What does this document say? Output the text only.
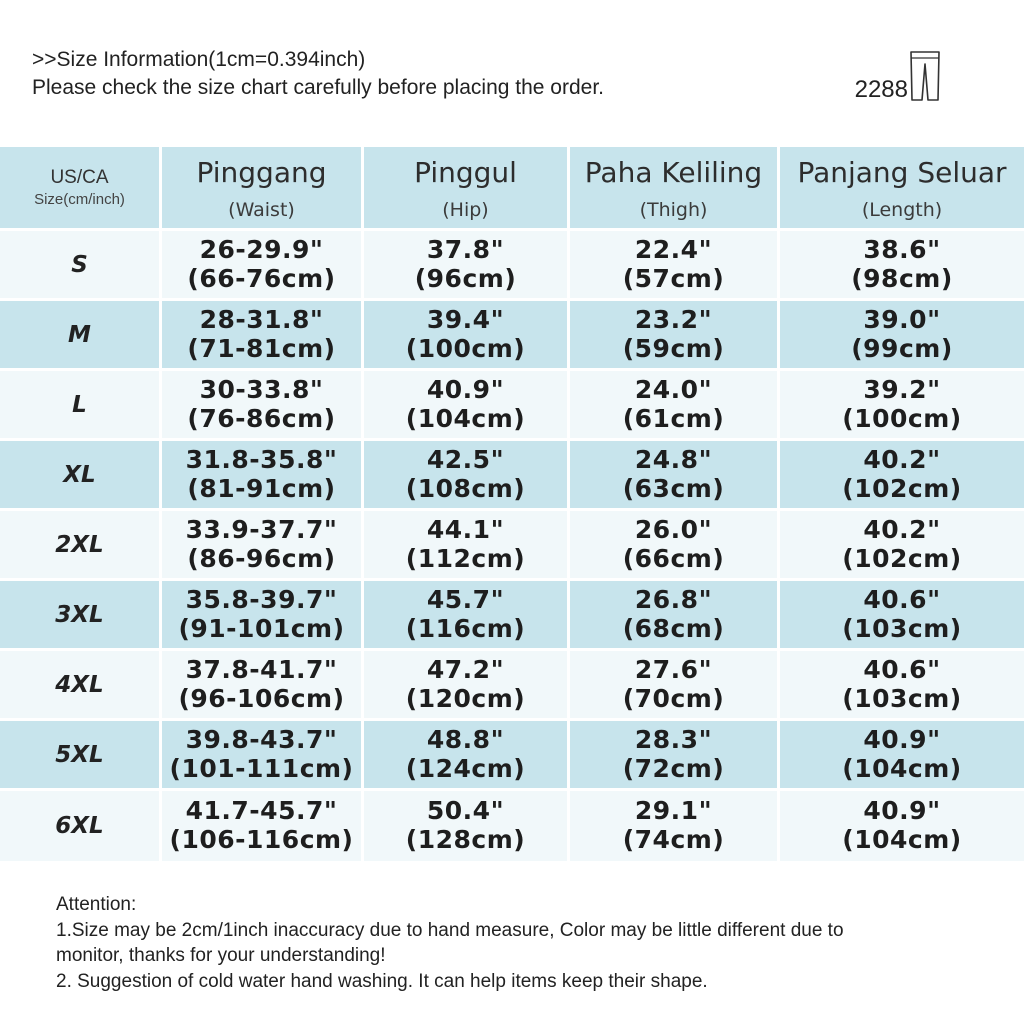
>>Size Information(1cm=0.394inch)
Please check the size chart carefully before placing the order.	2288
US/CA
Size(cm/inch)
Pinggang
(Waist)
Pinggul
(Hip)
Paha Keliling
(Thigh)
Panjang Seluar
(Length)
S
26-29.9"
(66-76cm)
37.8"
(96cm)
22.4"
(57cm)
38.6"
(98cm)
M
28-31.8"
(71-81cm)
39.4"
(100cm)
23.2"
(59cm)
39.0"
(99cm)
L
30-33.8"
(76-86cm)
40.9"
(104cm)
24.0"
(61cm)
39.2"
(100cm)
XL
31.8-35.8"
(81-91cm)
42.5"
(108cm)
24.8"
(63cm)
40.2"
(102cm)
2XL
33.9-37.7"
(86-96cm)
44.1"
(112cm)
26.0"
(66cm)
40.2"
(102cm)
3XL
35.8-39.7"
(91-101cm)
45.7"
(116cm)
26.8"
(68cm)
40.6"
(103cm)
4XL
37.8-41.7"
(96-106cm)
47.2"
(120cm)
27.6"
(70cm)
40.6"
(103cm)
5XL
39.8-43.7"
(101-111cm)
48.8"
(124cm)
28.3"
(72cm)
40.9"
(104cm)
6XL
41.7-45.7"
(106-116cm)
50.4"
(128cm)
29.1"
(74cm)
40.9"
(104cm)
Attention:
1.Size may be 2cm/1inch inaccuracy due to hand measure, Color may be little different due to
monitor, thanks for your understanding!
2. Suggestion of cold water hand washing. It can help items keep their shape.
